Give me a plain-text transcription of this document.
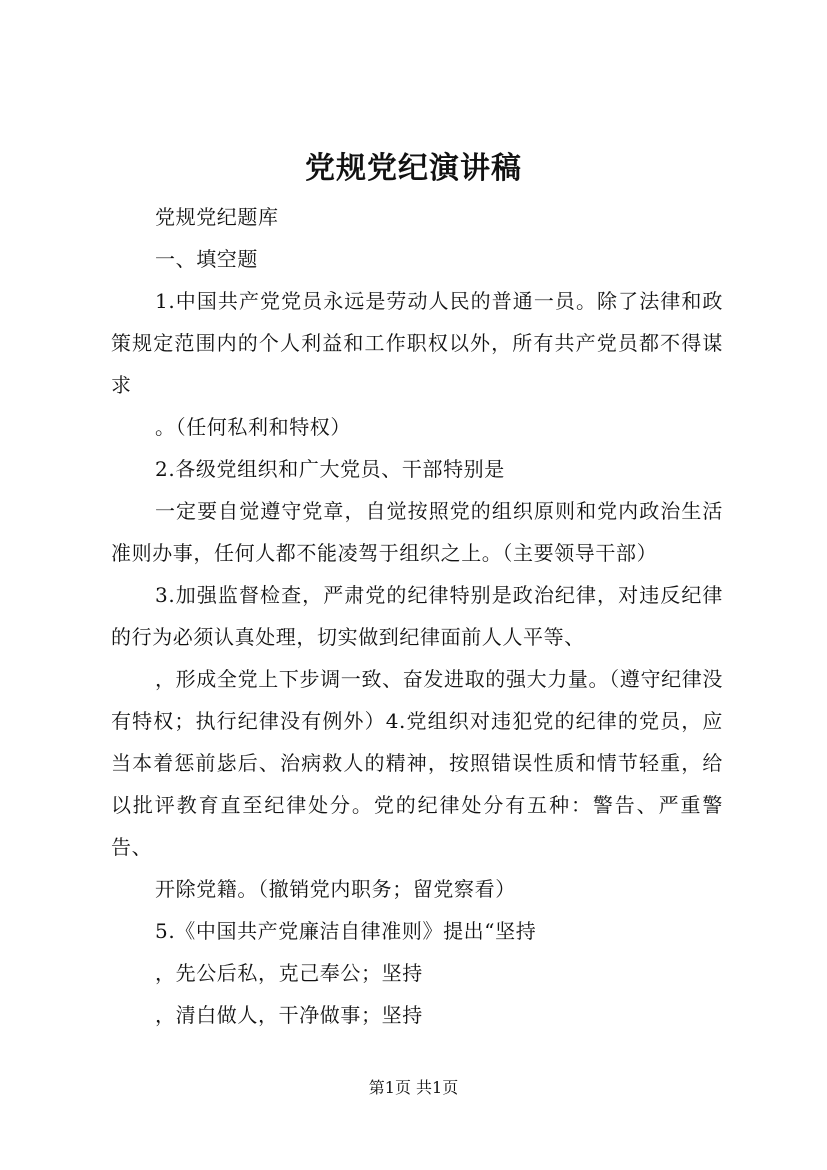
党规党纪演讲稿

党规党纪题库

一、填空题

1.中国共产党党员永远是劳动人民的普通一员。除了法律和政策规定范围内的个人利益和工作职权以外，所有共产党员都不得谋求

。（任何私利和特权）

2.各级党组织和广大党员、干部特别是

一定要自觉遵守党章，自觉按照党的组织原则和党内政治生活准则办事，任何人都不能凌驾于组织之上。（主要领导干部）

3.加强监督检查，严肃党的纪律特别是政治纪律，对违反纪律的行为必须认真处理，切实做到纪律面前人人平等、

，形成全党上下步调一致、奋发进取的强大力量。（遵守纪律没有特权；执行纪律没有例外）4.党组织对违犯党的纪律的党员，应当本着惩前毖后、治病救人的精神，按照错误性质和情节轻重，给以批评教育直至纪律处分。党的纪律处分有五种：警告、严重警告、

开除党籍。（撤销党内职务；留党察看）

5.《中国共产党廉洁自律准则》提出“坚持

，先公后私，克己奉公；坚持

，清白做人，干净做事；坚持

第1页 共1页
